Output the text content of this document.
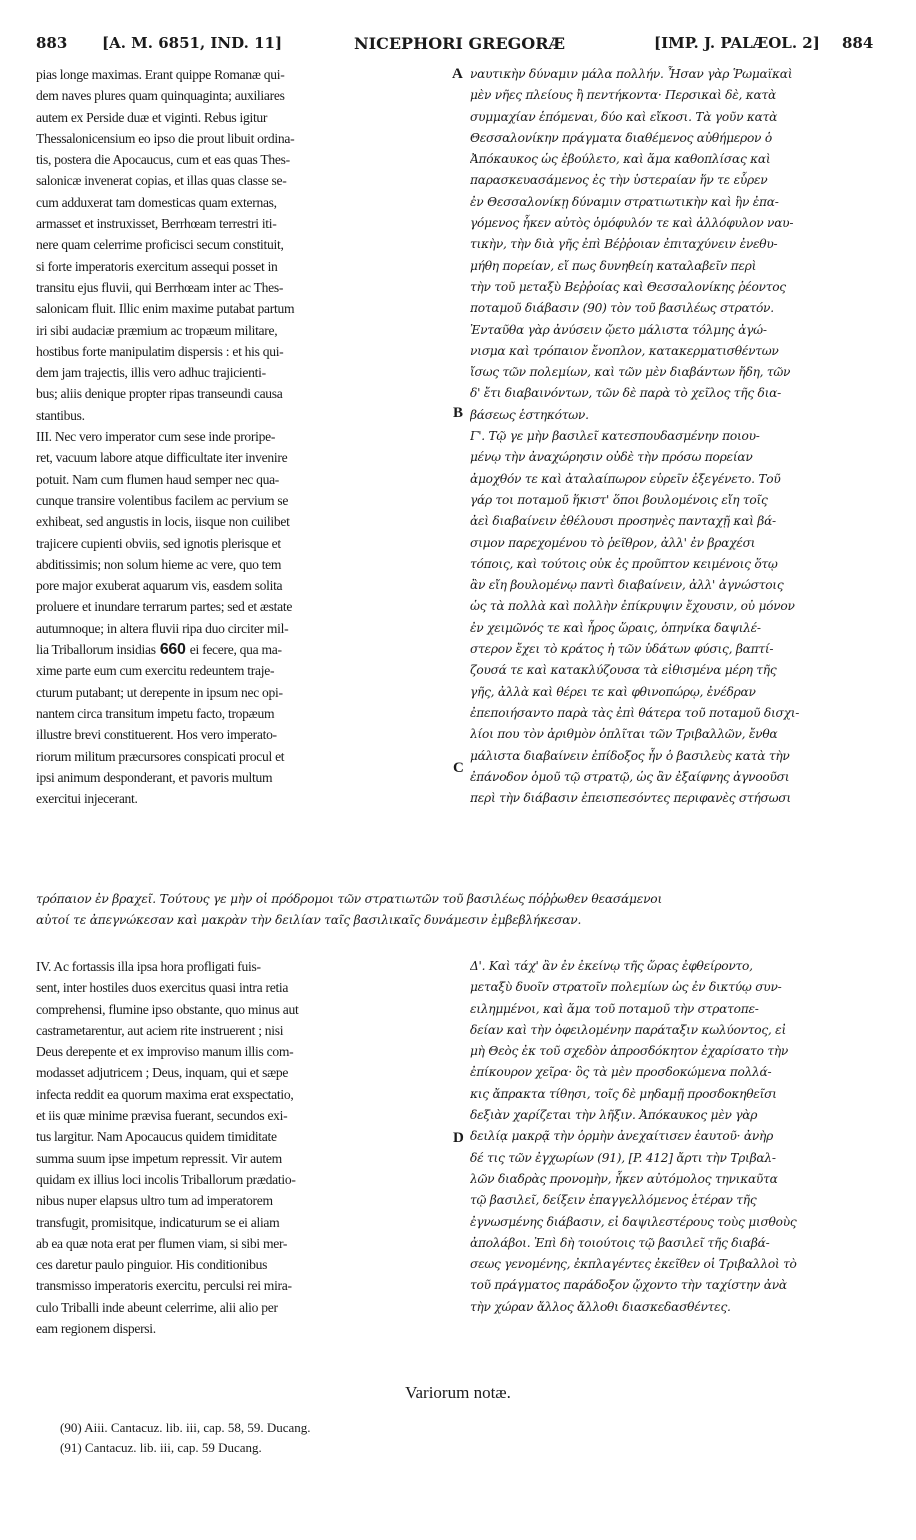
883 [A. M. 6851, IND. 11]	NICEPHORI GREGORÆ	[IMP. J. PALÆOL. 2] 884
pias longe maximas. Erant quippe Romanæ qui-
dem naves plures quam quinquaginta; auxiliares
autem ex Perside duæ et viginti. Rebus igitur
Thessalonicensium eo ipso die prout libuit ordina-
tis, postera die Apocaucus, cum et eas quas Thes-
salonicæ invenerat copias, et illas quas classe se-
cum adduxerat tam domesticas quam externas,
armasset et instruxisset, Berrhœam terrestri iti-
nere quam celerrime proficisci secum constituit,
si forte imperatoris exercitum assequi posset in
transitu ejus fluvii, qui Berrhœam inter ac Thes-
salonicam fluit. Illic enim maxime putabat partum
iri sibi audaciæ præmium ac tropæum militare,
hostibus forte manipulatim dispersis : et his qui-
dem jam trajectis, illis vero adhuc trajicienti-
bus; aliis denique propter ripas transeundi causa
stantibus.
III. Nec vero imperator cum sese inde proripe-
ret, vacuum labore atque difficultate iter invenire
potuit. Nam cum flumen haud semper nec qua-
cunque transire volentibus facilem ac pervium se
exhibeat, sed angustis in locis, iisque non cuilibet
trajicere cupienti obviis, sed ignotis plerisque et
abditissimis; non solum hieme ac vere, quo tem
pore major exuberat aquarum vis, easdem solita
proluere et inundare terrarum partes; sed et æstate
autumnoque; in altera fluvii ripa duo circiter mil-
lia Triballorum insidias 660 ei fecere, qua ma-
xime parte eum cum exercitu redeuntem traje-
cturum putabant; ut derepente in ipsum nec opi-
nantem circa transitum impetu facto, tropæum
illustre brevi constituerent. Hos vero imperato-
riorum militum præcursores conspicati procul et
ipsi animum desponderant, et pavoris multum
exercitui injecerant.
ναυτικὴν δύναμιν μάλα πολλήν. Ἦσαν γὰρ Ῥωμαϊκαὶ
μὲν νῆες πλείους ἢ πεντήκοντα· Περσικαὶ δὲ, κατὰ
συμμαχίαν ἑπόμεναι, δύο καὶ εἴκοσι. Τὰ γοῦν κατὰ
Θεσσαλονίκην πράγματα διαθέμενος αὐθήμερον ὁ
Ἀπόκαυκος ὡς ἐβούλετο, καὶ ἅμα καθοπλίσας καὶ
παρασκευασάμενος ἐς τὴν ὑστεραίαν ἥν τε εὗρεν
ἐν Θεσσαλονίκῃ δύναμιν στρατιωτικὴν καὶ ἣν ἐπα-
γόμενος ἧκεν αὐτὸς ὁμόφυλόν τε καὶ ἀλλόφυλον ναυ-
τικὴν, τὴν διὰ γῆς ἐπὶ Βέῤῥοιαν ἐπιταχύνειν ἐνεθυ-
μήθη πορείαν, εἴ πως δυνηθείη καταλαβεῖν περὶ
τὴν τοῦ μεταξὺ Βεῤῥοίας καὶ Θεσσαλονίκης ῥέοντος
ποταμοῦ διάβασιν (90) τὸν τοῦ βασιλέως στρατόν.
Ἐνταῦθα γὰρ ἀνύσειν ᾤετο μάλιστα τόλμης ἀγώ-
νισμα καὶ τρόπαιον ἔνοπλον, κατακερματισθέντων
ἴσως τῶν πολεμίων, καὶ τῶν μὲν διαβάντων ἤδη, τῶν
δ' ἔτι διαβαινόντων, τῶν δὲ παρὰ τὸ χεῖλος τῆς δια-
βάσεως ἑστηκότων.
Γ'. Τῷ γε μὴν βασιλεῖ κατεσπουδασμένην ποιου-
μένῳ τὴν ἀναχώρησιν οὐδὲ τὴν πρόσω πορείαν
ἀμοχθόν τε καὶ ἀταλαίπωρον εὑρεῖν ἐξεγένετο. Τοῦ
γάρ τοι ποταμοῦ ἥκιστ' ὅποι βουλομένοις εἴη τοῖς
ἀεὶ διαβαίνειν ἐθέλουσι προσηνὲς πανταχῇ καὶ βά-
σιμον παρεχομένου τὸ ῥεῖθρον, ἀλλ' ἐν βραχέσι
τόποις, καὶ τούτοις οὐκ ἐς προῦπτον κειμένοις ὅτῳ
ἂν εἴη βουλομένῳ παντὶ διαβαίνειν, ἀλλ' ἀγνώστοις
ὡς τὰ πολλὰ καὶ πολλὴν ἐπίκρυψιν ἔχουσιν, οὐ μόνον
ἐν χειμῶνός τε καὶ ἦρος ὥραις, ὁπηνίκα δαψιλέ-
στερον ἔχει τὸ κράτος ἡ τῶν ὑδάτων φύσις, βαπτί-
ζουσά τε καὶ κατακλύζουσα τὰ εἰθισμένα μέρη τῆς
γῆς, ἀλλὰ καὶ θέρει τε καὶ φθινοπώρῳ, ἐνέδραν
ἐπεποιήσαντο παρὰ τὰς ἐπὶ θάτερα τοῦ ποταμοῦ δισχι-
λίοι που τὸν ἀριθμὸν ὁπλῖται τῶν Τριβαλλῶν, ἔνθα
μάλιστα διαβαίνειν ἐπίδοξος ἦν ὁ βασιλεὺς κατὰ τὴν
ἐπάνοδον ὁμοῦ τῷ στρατῷ, ὡς ἂν ἐξαίφνης ἀγνοοῦσι
περὶ τὴν διάβασιν ἐπεισπεσόντες περιφανὲς στήσωσι
τρόπαιον ἐν βραχεῖ. Τούτους γε μὴν οἱ πρόδρομοι τῶν στρατιωτῶν τοῦ βασιλέως πόῤῥωθεν θεασάμενοι
αὐτοί τε ἀπεγνώκεσαν καὶ μακρὰν τὴν δειλίαν ταῖς βασιλικαῖς δυνάμεσιν ἐμβεβλήκεσαν.
IV. Ac fortassis illa ipsa hora profligati fuis-
sent, inter hostiles duos exercitus quasi intra retia
comprehensi, flumine ipso obstante, quo minus aut
castrametarentur, aut aciem rite instruerent ; nisi
Deus derepente et ex improviso manum illis com-
modasset adjutricem ; Deus, inquam, qui et sæpe
infecta reddit ea quorum maxima erat exspectatio,
et iis quæ minime prævisa fuerant, secundos exi-
tus largitur. Nam Apocaucus quidem timiditate
summa suum ipse impetum repressit. Vir autem
quidam ex illius loci incolis Triballorum prædatio-
nibus nuper elapsus ultro tum ad imperatorem
transfugit, promisitque, indicaturum se ei aliam
ab ea quæ nota erat per flumen viam, si sibi mer-
ces daretur paulo pinguior. His conditionibus
transmisso imperatoris exercitu, perculsi rei mira-
culo Triballi inde abeunt celerrime, alii alio per
eam regionem dispersi.
Δ'. Καὶ τάχ' ἂν ἐν ἐκείνῳ τῆς ὥρας ἐφθείροντο,
μεταξὺ δυοῖν στρατοῖν πολεμίων ὡς ἐν δικτύῳ συν-
ειλημμένοι, καὶ ἅμα τοῦ ποταμοῦ τὴν στρατοπε-
δείαν καὶ τὴν ὀφειλομένην παράταξιν κωλύοντος, εἰ
μὴ Θεὸς ἐκ τοῦ σχεδὸν ἀπροσδόκητον ἐχαρίσατο τὴν
ἐπίκουρον χεῖρα· ὃς τὰ μὲν προσδοκώμενα πολλά-
κις ἄπρακτα τίθησι, τοῖς δὲ μηδαμῇ προσδοκηθεῖσι
δεξιὰν χαρίζεται τὴν λῆξιν. Ἀπόκαυκος μὲν γὰρ
δειλίᾳ μακρᾷ τὴν ὁρμὴν ἀνεχαίτισεν ἑαυτοῦ· ἀνὴρ
δέ τις τῶν ἐγχωρίων (91), [P. 412] ἄρτι τὴν Τριβαλ-
λῶν διαδρὰς προνομὴν, ἧκεν αὐτόμολος τηνικαῦτα
τῷ βασιλεῖ, δείξειν ἐπαγγελλόμενος ἑτέραν τῆς
ἐγνωσμένης διάβασιν, εἰ δαψιλεστέρους τοὺς μισθοὺς
ἀπολάβοι. Ἐπὶ δὴ τοιούτοις τῷ βασιλεῖ τῆς διαβά-
σεως γενομένης, ἐκπλαγέντες ἐκεῖθεν οἱ Τριβαλλοὶ τὸ
τοῦ πράγματος παράδοξον ᾤχοντο τὴν ταχίστην ἀνὰ
τὴν χώραν ἄλλος ἄλλοθι διασκεδασθέντες.
A
B
C
D
Variorum notæ.
(90) Aiii. Cantacuz. lib. iii, cap. 58, 59. Ducang.
(91) Cantacuz. lib. iii, cap. 59 Ducang.
